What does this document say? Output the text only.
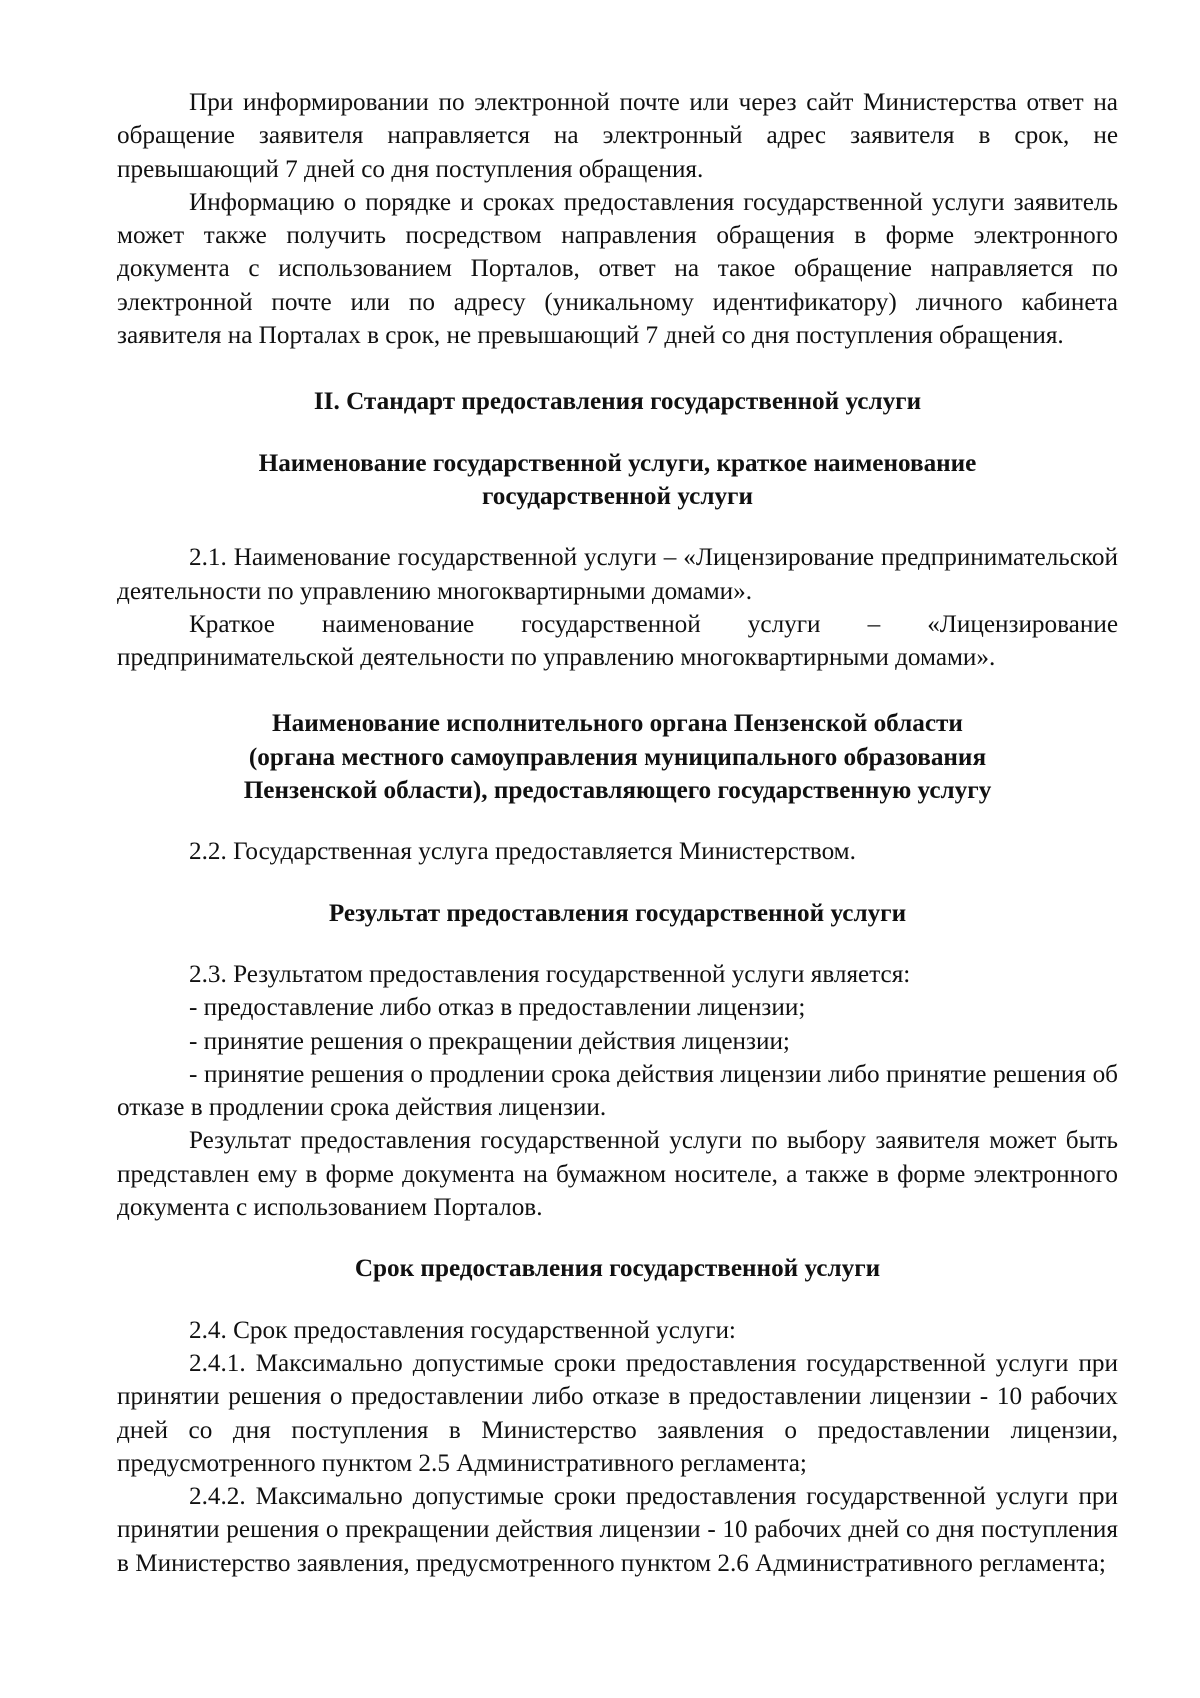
При информировании по электронной почте или через сайт Министерства ответ на обращение заявителя направляется на электронный адрес заявителя в срок, не превышающий 7 дней со дня поступления обращения.

Информацию о порядке и сроках предоставления государственной услуги заявитель может также получить посредством направления обращения в форме электронного документа с использованием Порталов, ответ на такое обращение направляется по электронной почте или по адресу (уникальному идентификатору) личного кабинета заявителя на Порталах в срок, не превышающий 7 дней со дня поступления обращения.

II. Стандарт предоставления государственной услуги
Наименование государственной услуги, краткое наименование
государственной услуги

2.1. Наименование государственной услуги – «Лицензирование предпринимательской деятельности по управлению многоквартирными домами».

Краткое наименование государственной услуги – «Лицензирование предпринимательской деятельности по управлению многоквартирными домами».

Наименование исполнительного органа Пензенской области
(органа местного самоуправления муниципального образования
Пензенской области), предоставляющего государственную услугу

2.2. Государственная услуга предоставляется Министерством.

Результат предоставления государственной услуги

2.3. Результатом предоставления государственной услуги является:

- предоставление либо отказ в предоставлении лицензии;

- принятие решения о прекращении действия лицензии;

- принятие решения о продлении срока действия лицензии либо принятие решения об отказе в продлении срока действия лицензии.

Результат предоставления государственной услуги по выбору заявителя может быть представлен ему в форме документа на бумажном носителе, а также в форме электронного документа с использованием Порталов.

Срок предоставления государственной услуги

2.4. Срок предоставления государственной услуги:

2.4.1. Максимально допустимые сроки предоставления государственной услуги при принятии решения о предоставлении либо отказе в предоставлении лицензии - 10 рабочих дней со дня поступления в Министерство заявления о предоставлении лицензии, предусмотренного пунктом 2.5 Административного регламента;

2.4.2. Максимально допустимые сроки предоставления государственной услуги при принятии решения о прекращении действия лицензии - 10 рабочих дней со дня поступления в Министерство заявления, предусмотренного пунктом 2.6 Административного регламента;
